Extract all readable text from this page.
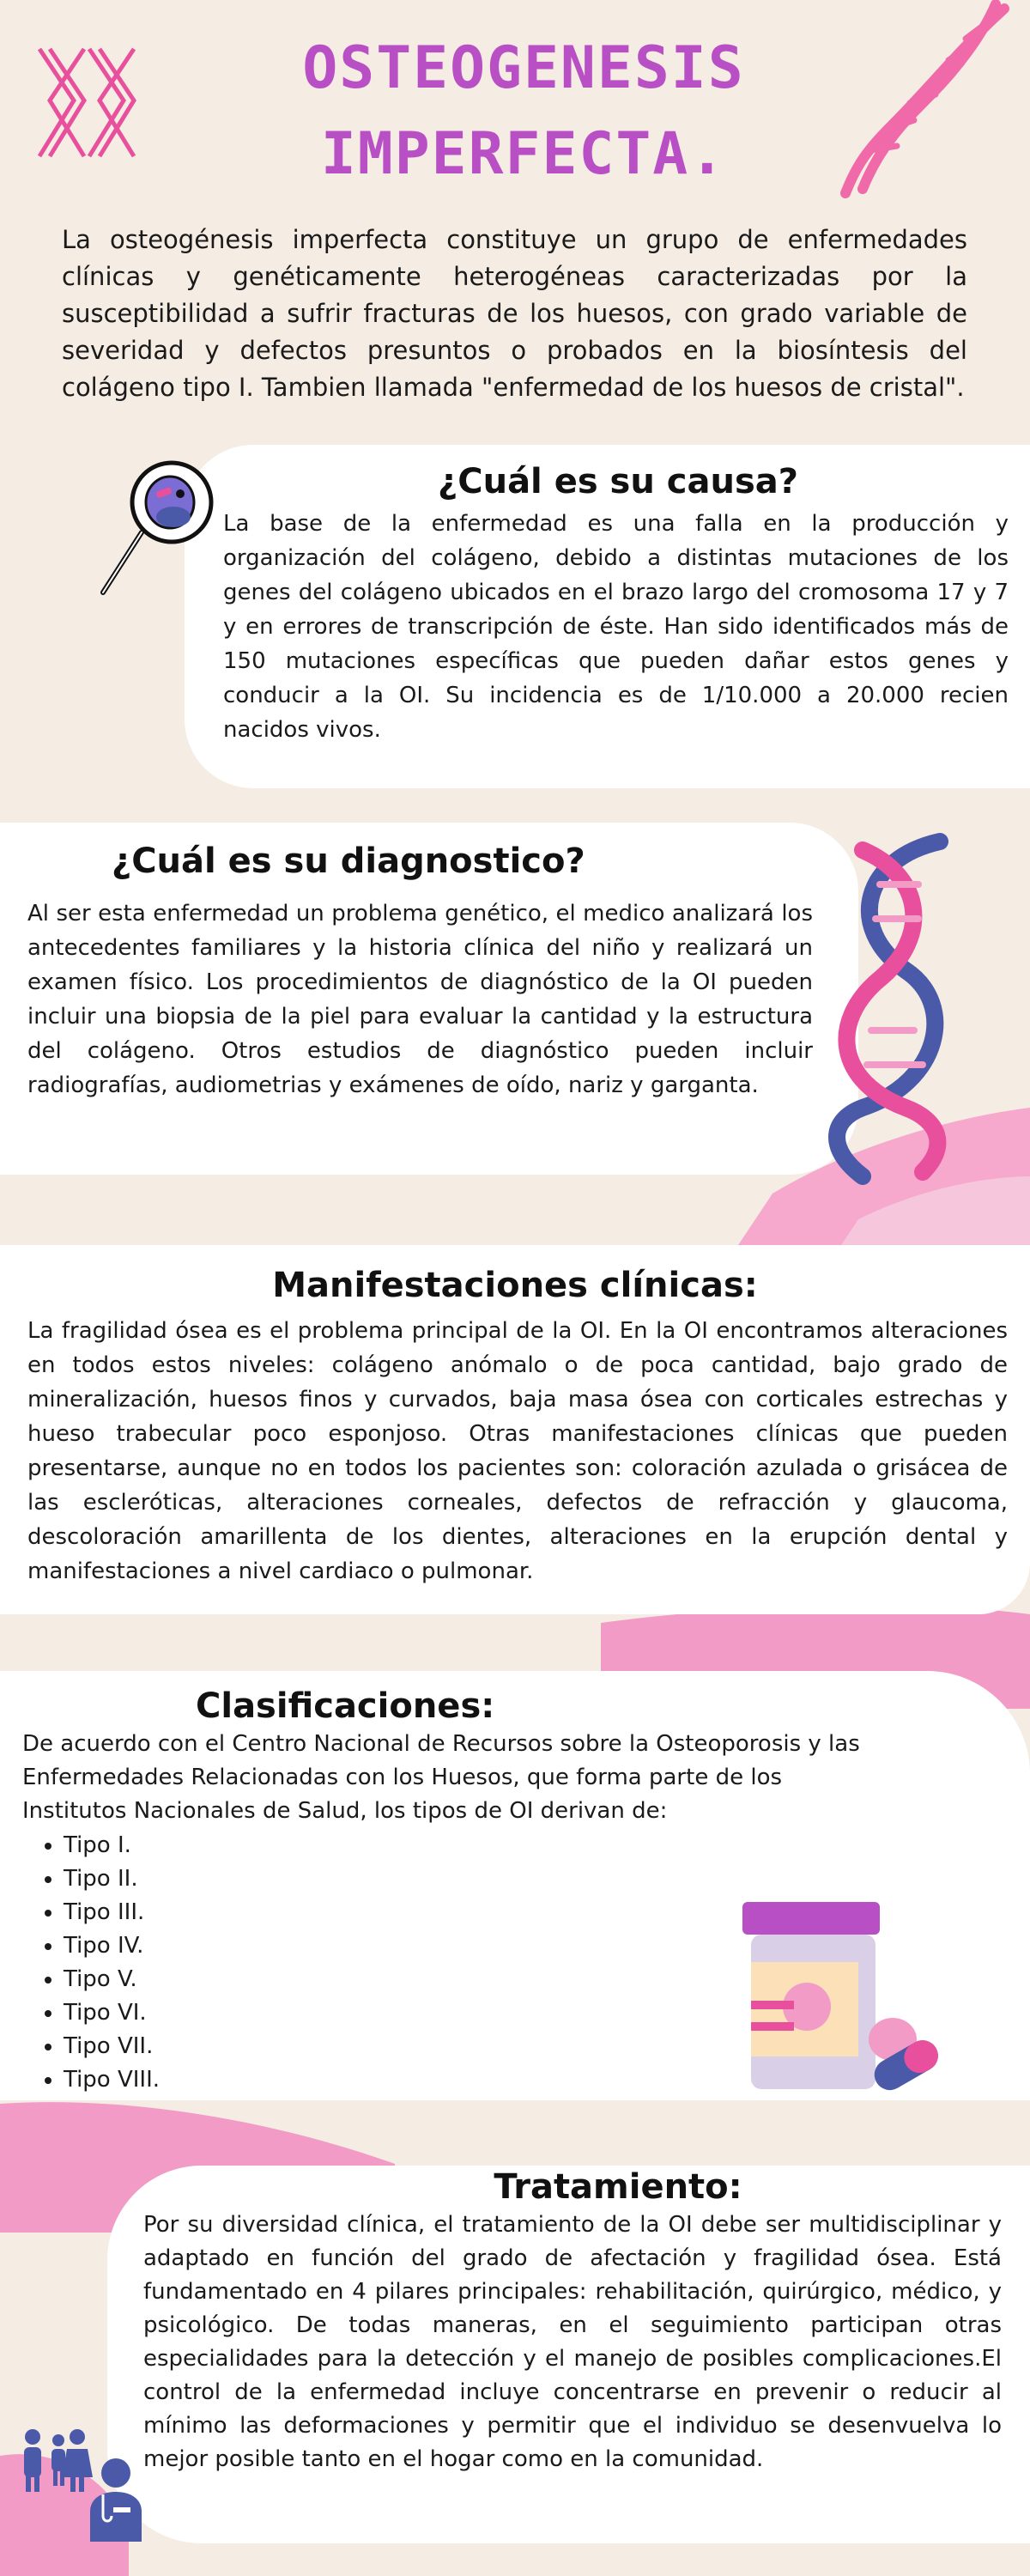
OSTEOGENESIS IMPERFECTA.
La osteogénesis imperfecta constituye un grupo de enfermedades clínicas y genéticamente heterogéneas caracterizadas por la susceptibilidad a sufrir fracturas de los huesos, con grado variable de severidad y defectos presuntos o probados en la biosíntesis del colágeno tipo I. Tambien llamada "enfermedad de los huesos de cristal".
¿Cuál es su causa?
La base de la enfermedad es una falla en la producción y organización del colágeno, debido a distintas mutaciones de los genes del colágeno ubicados en el brazo largo del cromosoma 17 y 7 y en errores de transcripción de éste. Han sido identificados más de 150 mutaciones específicas que pueden dañar estos genes y conducir a la OI. Su incidencia es de 1/10.000 a 20.000 recien nacidos vivos.
¿Cuál es su diagnostico?
Al ser esta enfermedad un problema genético, el medico analizará los antecedentes familiares y la historia clínica del niño y realizará un examen físico. Los procedimientos de diagnóstico de la OI pueden incluir una biopsia de la piel para evaluar la cantidad y la estructura del colágeno. Otros estudios de diagnóstico pueden incluir radiografías, audiometrias y exámenes de oído, nariz y garganta.
Manifestaciones clínicas:
La fragilidad ósea es el problema principal de la OI. En la OI encontramos alteraciones en todos estos niveles: colágeno anómalo o de poca cantidad, bajo grado de mineralización, huesos finos y curvados, baja masa ósea con corticales estrechas y hueso trabecular poco esponjoso. Otras manifestaciones clínicas que pueden presentarse, aunque no en todos los pacientes son: coloración azulada o grisácea de las escleróticas, alteraciones corneales, defectos de refracción y glaucoma, descoloración amarillenta de los dientes, alteraciones en la erupción dental y manifestaciones a nivel cardiaco o pulmonar.
Clasificaciones:
De acuerdo con el Centro Nacional de Recursos sobre la Osteoporosis y las Enfermedades Relacionadas con los Huesos, que forma parte de los Institutos Nacionales de Salud, los tipos de OI derivan de:
• Tipo I.
• Tipo II.
• Tipo III.
• Tipo IV.
• Tipo V.
• Tipo VI.
• Tipo VII.
• Tipo VIII.
Tratamiento:
Por su diversidad clínica, el tratamiento de la OI debe ser multidisciplinar y adaptado en función del grado de afectación y fragilidad ósea. Está fundamentado en 4 pilares principales: rehabilitación, quirúrgico, médico, y psicológico. De todas maneras, en el seguimiento participan otras especialidades para la detección y el manejo de posibles complicaciones.El control de la enfermedad incluye concentrarse en prevenir o reducir al mínimo las deformaciones y permitir que el individuo se desenvuelva lo mejor posible tanto en el hogar como en la comunidad.
